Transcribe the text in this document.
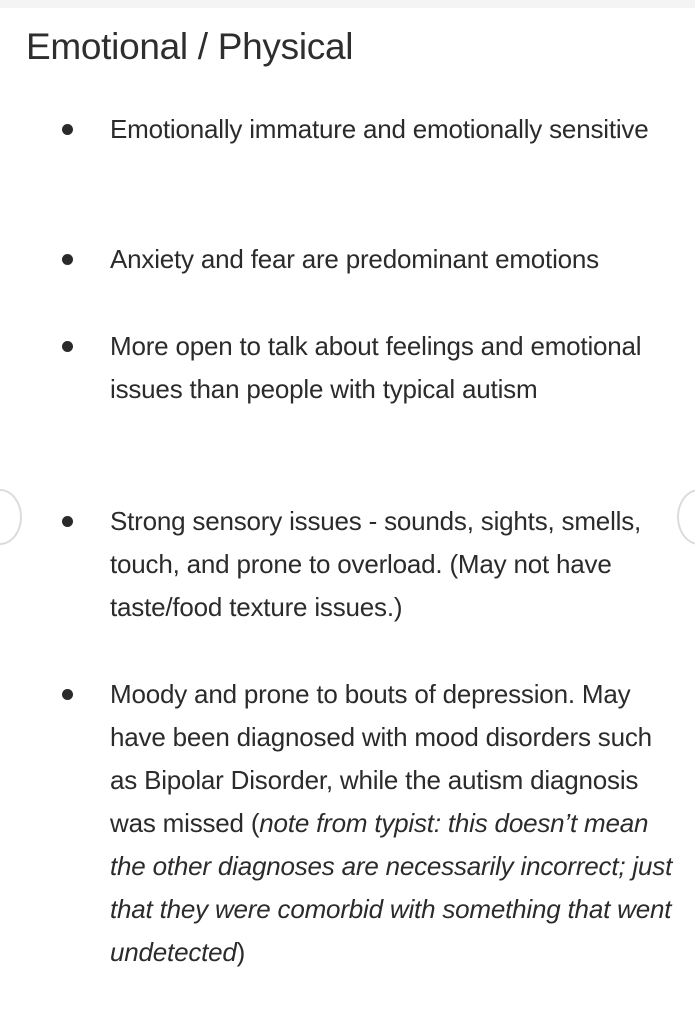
Emotional / Physical
Emotionally immature and emotionally sensitive
Anxiety and fear are predominant emotions
More open to talk about feelings and emotional issues than people with typical autism
Strong sensory issues - sounds, sights, smells, touch, and prone to overload. (May not have taste/food texture issues.)
Moody and prone to bouts of depression. May have been diagnosed with mood disorders such as Bipolar Disorder, while the autism diagnosis was missed (note from typist: this doesn’t mean the other diagnoses are necessarily incorrect; just that they were comorbid with something that went undetected)
